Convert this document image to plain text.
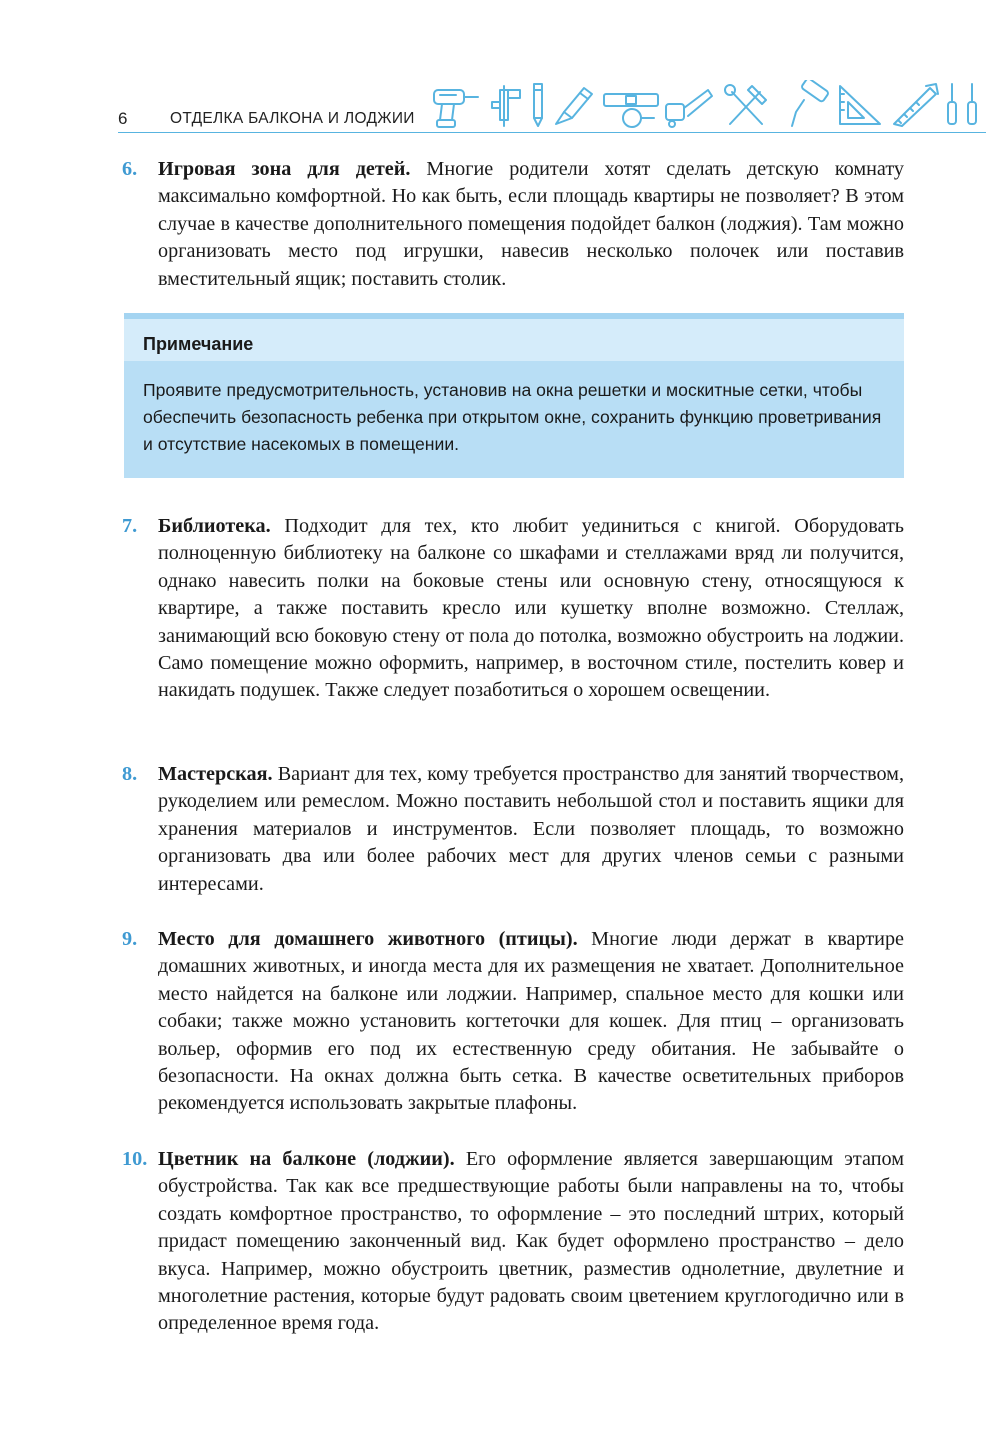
6	ОТДЕЛКА БАЛКОНА И ЛОДЖИИ
6. Игровая зона для детей. Многие родители хотят сделать детскую комнату максимально комфортной. Но как быть, если площадь квартиры не позволяет? В этом случае в качестве дополнительного помещения подойдет балкон (лоджия). Там можно организовать место под игрушки, навесив несколько полочек или поставив вместительный ящик; поставить столик.
Примечание
Проявите предусмотрительность, установив на окна решетки и москитные сетки, чтобы обеспечить безопасность ребенка при открытом окне, сохранить функцию проветривания и отсутствие насекомых в помещении.
7. Библиотека. Подходит для тех, кто любит уединиться с книгой. Оборудовать полноценную библиотеку на балконе со шкафами и стеллажами вряд ли получится, однако навесить полки на боковые стены или основную стену, относящуюся к квартире, а также поставить кресло или кушетку вполне возможно. Стеллаж, занимающий всю боковую стену от пола до потолка, возможно обустроить на лоджии. Само помещение можно оформить, например, в восточном стиле, постелить ковер и накидать подушек. Также следует позаботиться о хорошем освещении.
8. Мастерская. Вариант для тех, кому требуется пространство для занятий творчеством, рукоделием или ремеслом. Можно поставить небольшой стол и поставить ящики для хранения материалов и инструментов. Если позволяет площадь, то возможно организовать два или более рабочих мест для других членов семьи с разными интересами.
9. Место для домашнего животного (птицы). Многие люди держат в квартире домашних животных, и иногда места для их размещения не хватает. Дополнительное место найдется на балконе или лоджии. Например, спальное место для кошки или собаки; также можно установить когтеточки для кошек. Для птиц – организовать вольер, оформив его под их естественную среду обитания. Не забывайте о безопасности. На окнах должна быть сетка. В качестве осветительных приборов рекомендуется использовать закрытые плафоны.
10. Цветник на балконе (лоджии). Его оформление является завершающим этапом обустройства. Так как все предшествующие работы были направлены на то, чтобы создать комфортное пространство, то оформление – это последний штрих, который придаст помещению законченный вид. Как будет оформлено пространство – дело вкуса. Например, можно обустроить цветник, разместив однолетние, двулетние и многолетние растения, которые будут радовать своим цветением круглогодично или в определенное время года.
